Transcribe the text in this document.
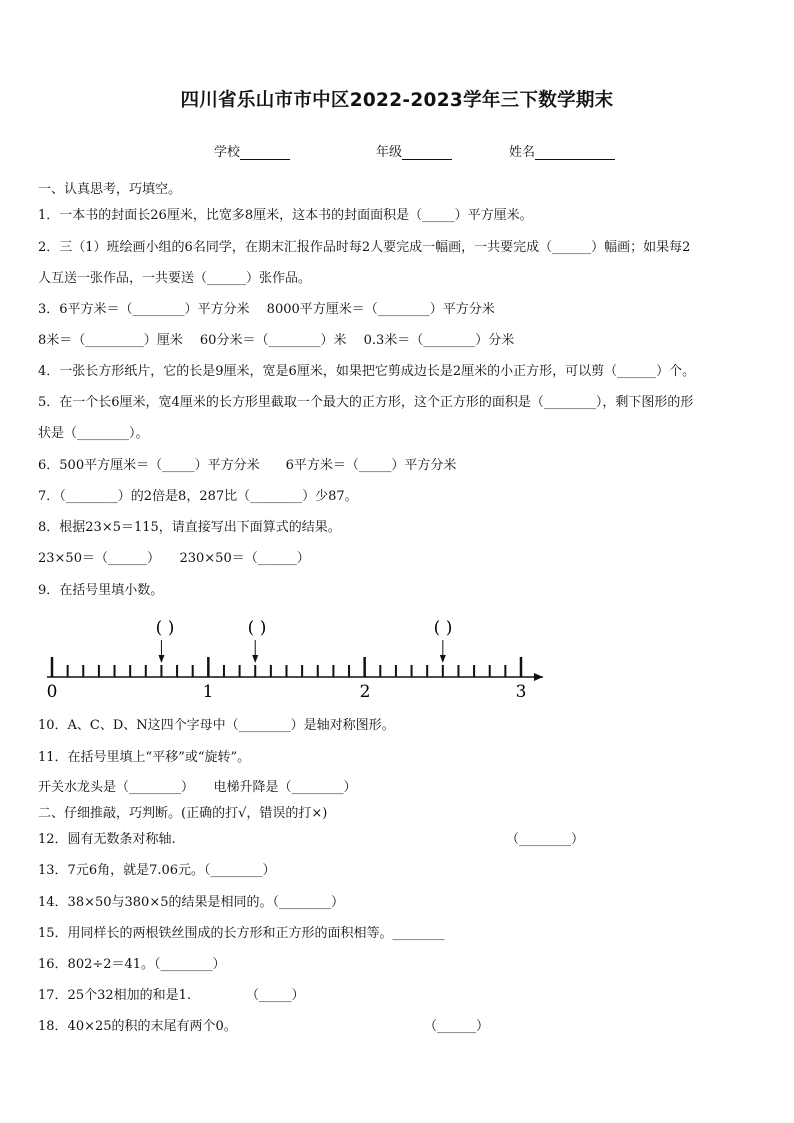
四川省乐山市市中区2022-2023学年三下数学期末
学校	年级	姓名
一、认真思考，巧填空。
1．一本书的封面长26厘米，比宽多8厘米，这本书的封面面积是（_____）平方厘米。
2．三（1）班绘画小组的6名同学，在期末汇报作品时每2人要完成一幅画，一共要完成（______）幅画；如果每2
人互送一张作品，一共要送（______）张作品。
3．6平方米＝（________）平方分米　 8000平方厘米＝（________）平方分米
8米＝（_________）厘米　 60分米＝（________）米　 0.3米＝（________）分米
4．一张长方形纸片，它的长是9厘米，宽是6厘米，如果把它剪成边长是2厘米的小正方形，可以剪（______）个。
5．在一个长6厘米，宽4厘米的长方形里截取一个最大的正方形，这个正方形的面积是（________），剩下图形的形
状是（________）。
6．500平方厘米＝（_____）平方分米　　6平方米＝（_____）平方分米
7．（________）的2倍是8，287比（________）少87。
8．根据23×5＝115，请直接写出下面算式的结果。
23×50＝（______）　　230×50＝（______）
9．在括号里填小数。
( )	( )	( )
0	1	2	3
10．A、C、D、N这四个字母中（________）是轴对称图形。
11．在括号里填上“平移”或“旋转”。
开关水龙头是（________）　　电梯升降是（________）
二、仔细推敲，巧判断。(正确的打√，错误的打×)
12．圆有无数条对称轴.	（________）
13．7元6角，就是7.06元。（________）
14．38×50与380×5的结果是相同的。（________）
15．用同样长的两根铁丝围成的长方形和正方形的面积相等。________
16．802÷2＝41。（________）
17．25个32相加的和是1.	（_____）
18．40×25的积的末尾有两个0。	（______）
